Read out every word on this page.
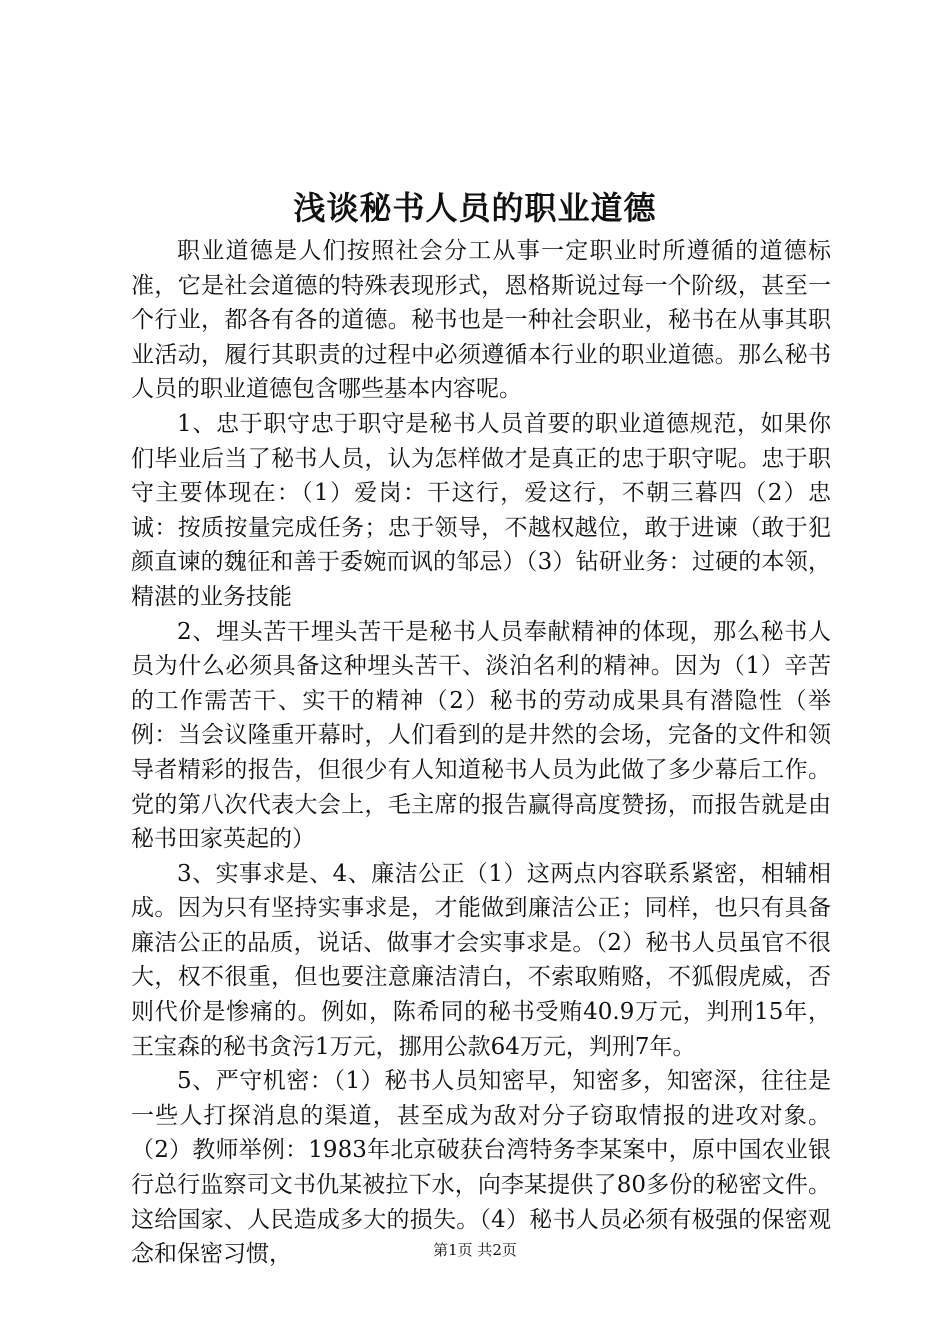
浅谈秘书人员的职业道德

职业道德是人们按照社会分工从事一定职业时所遵循的道德标准，它是社会道德的特殊表现形式，恩格斯说过每一个阶级，甚至一个行业，都各有各的道德。秘书也是一种社会职业，秘书在从事其职业活动，履行其职责的过程中必须遵循本行业的职业道德。那么秘书人员的职业道德包含哪些基本内容呢。

1、忠于职守忠于职守是秘书人员首要的职业道德规范，如果你们毕业后当了秘书人员，认为怎样做才是真正的忠于职守呢。忠于职守主要体现在：（1）爱岗：干这行，爱这行，不朝三暮四（2）忠诚：按质按量完成任务；忠于领导，不越权越位，敢于进谏（敢于犯颜直谏的魏征和善于委婉而讽的邹忌）（3）钻研业务：过硬的本领，精湛的业务技能

2、埋头苦干埋头苦干是秘书人员奉献精神的体现，那么秘书人员为什么必须具备这种埋头苦干、淡泊名利的精神。因为（1）辛苦的工作需苦干、实干的精神（2）秘书的劳动成果具有潜隐性（举例：当会议隆重开幕时，人们看到的是井然的会场，完备的文件和领导者精彩的报告，但很少有人知道秘书人员为此做了多少幕后工作。党的第八次代表大会上，毛主席的报告赢得高度赞扬，而报告就是由秘书田家英起的）

3、实事求是、4、廉洁公正（1）这两点内容联系紧密，相辅相成。因为只有坚持实事求是，才能做到廉洁公正；同样，也只有具备廉洁公正的品质，说话、做事才会实事求是。（2）秘书人员虽官不很大，权不很重，但也要注意廉洁清白，不索取贿赂，不狐假虎威，否则代价是惨痛的。例如，陈希同的秘书受贿40.9万元，判刑15年，王宝森的秘书贪污1万元，挪用公款64万元，判刑7年。

5、严守机密：（1）秘书人员知密早，知密多，知密深，往往是一些人打探消息的渠道，甚至成为敌对分子窃取情报的进攻对象。（2）教师举例：1983年北京破获台湾特务李某案中，原中国农业银行总行监察司文书仇某被拉下水，向李某提供了80多份的秘密文件。这给国家、人民造成多大的损失。（4）秘书人员必须有极强的保密观念和保密习惯，	第1页 共2页
